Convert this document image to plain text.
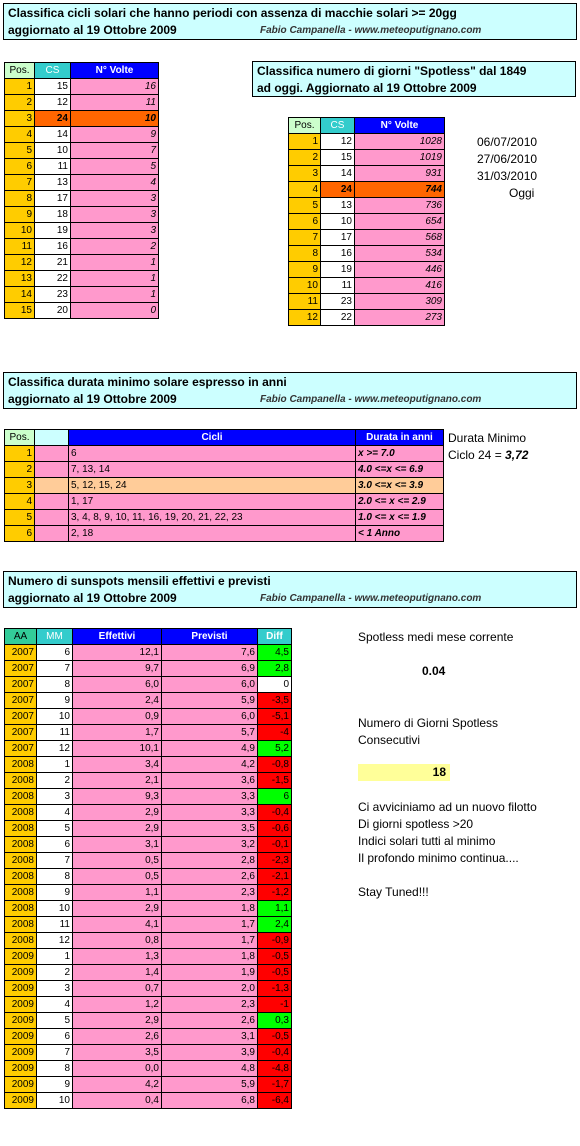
Classifica cicli solari che hanno periodi con assenza di macchie solari >= 20gg
aggiornato al 19 Ottobre 2009	Fabio Campanella - www.meteoputignano.com
Pos.	CS	N° Volte
1	15	16
2	12	11
3	24	10
4	14	9
5	10	7
6	11	5
7	13	4
8	17	3
9	18	3
10	19	3
11	16	2
12	21	1
13	22	1
14	23	1
15	20	0
Classifica numero di giorni "Spotless" dal 1849
ad oggi. Aggiornato al 19 Ottobre 2009
Pos.	CS	N° Volte
1	12	1028
2	15	1019
3	14	931
4	24	744
5	13	736
6	10	654
7	17	568
8	16	534
9	19	446
10	11	416
11	23	309
12	22	273
06/07/2010
27/06/2010
31/03/2010
Oggi
Classifica durata minimo solare espresso in anni
aggiornato al 19 Ottobre 2009	Fabio Campanella - www.meteoputignano.com
Pos.		Cicli	Durata in anni
1		6	x >= 7.0
2		7, 13, 14	4.0 <=x <= 6.9
3		5, 12, 15, 24	3.0 <=x <= 3.9
4		1, 17	2.0 <= x <= 2.9
5		3, 4, 8, 9, 10, 11, 16, 19, 20, 21, 22, 23	1.0 <= x <= 1.9
6		2, 18	< 1 Anno
Durata Minimo
Ciclo 24 = 3,72
Numero di sunspots mensili effettivi e previsti
aggiornato al 19 Ottobre 2009	Fabio Campanella - www.meteoputignano.com
AA	MM	Effettivi	Previsti	Diff
2007	6	12,1	7,6	4,5
2007	7	9,7	6,9	2,8
2007	8	6,0	6,0	0
2007	9	2,4	5,9	-3,5
2007	10	0,9	6,0	-5,1
2007	11	1,7	5,7	-4
2007	12	10,1	4,9	5,2
2008	1	3,4	4,2	-0,8
2008	2	2,1	3,6	-1,5
2008	3	9,3	3,3	6
2008	4	2,9	3,3	-0,4
2008	5	2,9	3,5	-0,6
2008	6	3,1	3,2	-0,1
2008	7	0,5	2,8	-2,3
2008	8	0,5	2,6	-2,1
2008	9	1,1	2,3	-1,2
2008	10	2,9	1,8	1,1
2008	11	4,1	1,7	2,4
2008	12	0,8	1,7	-0,9
2009	1	1,3	1,8	-0,5
2009	2	1,4	1,9	-0,5
2009	3	0,7	2,0	-1,3
2009	4	1,2	2,3	-1
2009	5	2,9	2,6	0,3
2009	6	2,6	3,1	-0,5
2009	7	3,5	3,9	-0,4
2009	8	0,0	4,8	-4,8
2009	9	4,2	5,9	-1,7
2009	10	0,4	6,8	-6,4
Spotless medi mese corrente
0.04
Numero di Giorni Spotless
Consecutivi
18
Ci avviciniamo ad un nuovo filotto
Di giorni spotless >20
Indici solari tutti al minimo
Il profondo minimo continua....
Stay Tuned!!!
